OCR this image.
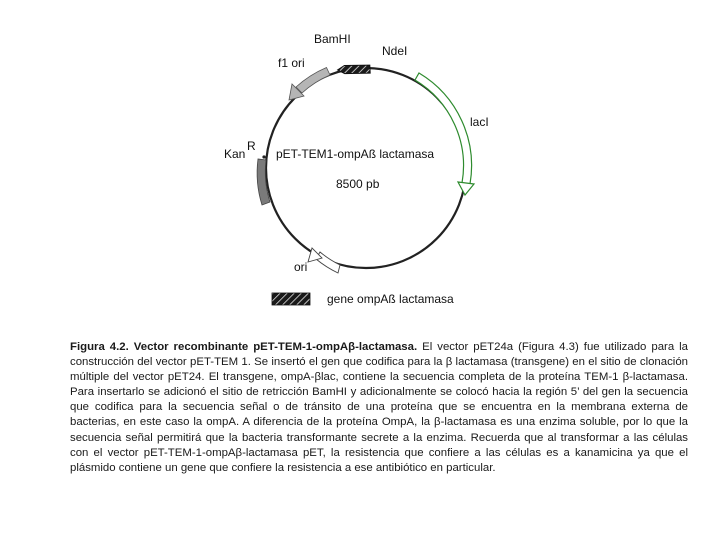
BamHI
NdeI
f1 ori
lacI
Kan
R
pET-TEM1-ompAß lactamasa
8500 pb
ori
gene ompAß lactamasa
Figura 4.2. Vector recombinante pET-TEM-1-ompAβ-lactamasa. El vector pET24a (Figura 4.3) fue utilizado para la construcción del vector pET-TEM 1. Se insertó el gen que codifica para la β lactamasa (transgene) en el sitio de clonación múltiple del vector pET24. El transgene, ompA-βlac, contiene la secuencia completa de la proteína TEM-1 β-lactamasa. Para insertarlo se adicionó el sitio de retricción BamHI y adicionalmente se colocó hacia la región 5’ del gen la secuencia que codifica para la secuencia señal o de tránsito de una proteína que se encuentra en la membrana externa de bacterias, en este caso la ompA. A diferencia de la proteína OmpA, la β-lactamasa es una enzima soluble, por lo que la secuencia señal permitirá que la bacteria transformante secrete a la enzima. Recuerda que al transformar a las células con el vector pET-TEM-1-ompAβ-lactamasa pET, la resistencia que confiere a las células es a kanamicina ya que el plásmido contiene un gene que confiere la resistencia a ese antibiótico en particular.
